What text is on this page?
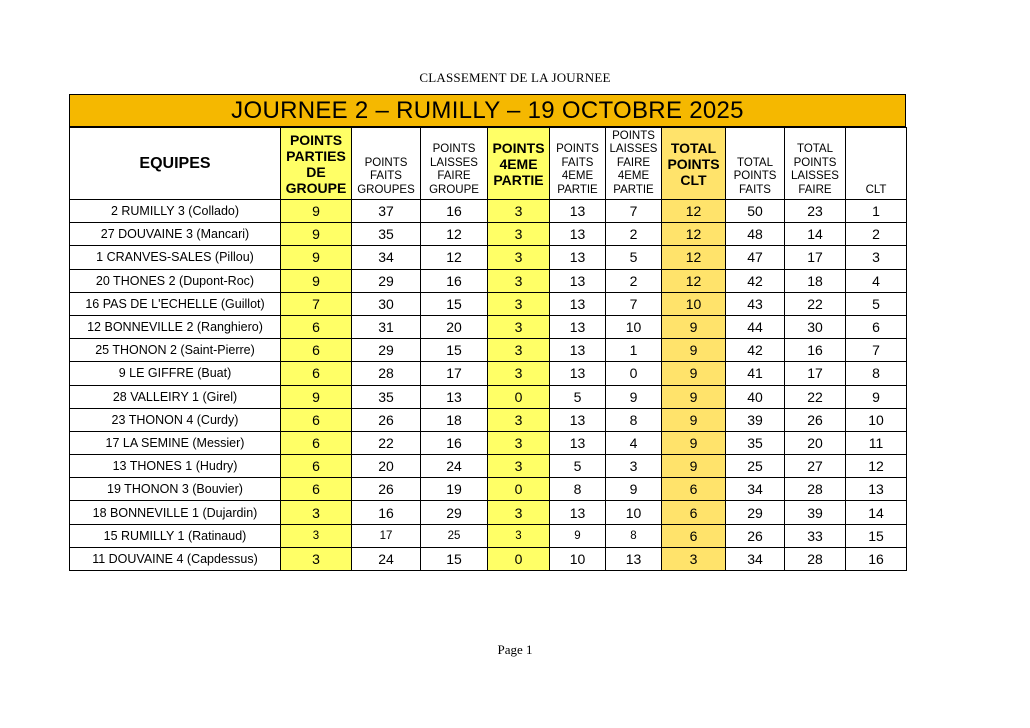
CLASSEMENT DE LA JOURNEE
JOURNEE 2 – RUMILLY – 19 OCTOBRE 2025
EQUIPES	POINTS PARTIES DE GROUPE	POINTS FAITS GROUPES	POINTS LAISSES FAIRE GROUPE	POINTS 4EME PARTIE	POINTS FAITS 4EME PARTIE	POINTS LAISSES FAIRE 4EME PARTIE	TOTAL POINTS CLT	TOTAL POINTS FAITS	TOTAL POINTS LAISSES FAIRE	CLT
2 RUMILLY 3 (Collado)	9	37	16	3	13	7	12	50	23	1
27 DOUVAINE 3 (Mancari)	9	35	12	3	13	2	12	48	14	2
1 CRANVES-SALES (Pillou)	9	34	12	3	13	5	12	47	17	3
20 THONES 2 (Dupont-Roc)	9	29	16	3	13	2	12	42	18	4
16 PAS DE L'ECHELLE (Guillot)	7	30	15	3	13	7	10	43	22	5
12 BONNEVILLE 2 (Ranghiero)	6	31	20	3	13	10	9	44	30	6
25 THONON 2 (Saint-Pierre)	6	29	15	3	13	1	9	42	16	7
9 LE GIFFRE (Buat)	6	28	17	3	13	0	9	41	17	8
28 VALLEIRY 1 (Girel)	9	35	13	0	5	9	9	40	22	9
23 THONON 4 (Curdy)	6	26	18	3	13	8	9	39	26	10
17 LA SEMINE (Messier)	6	22	16	3	13	4	9	35	20	11
13 THONES 1 (Hudry)	6	20	24	3	5	3	9	25	27	12
19 THONON 3 (Bouvier)	6	26	19	0	8	9	6	34	28	13
18 BONNEVILLE 1 (Dujardin)	3	16	29	3	13	10	6	29	39	14
15 RUMILLY 1 (Ratinaud)	3	17	25	3	9	8	6	26	33	15
11 DOUVAINE 4 (Capdessus)	3	24	15	0	10	13	3	34	28	16
Page 1
